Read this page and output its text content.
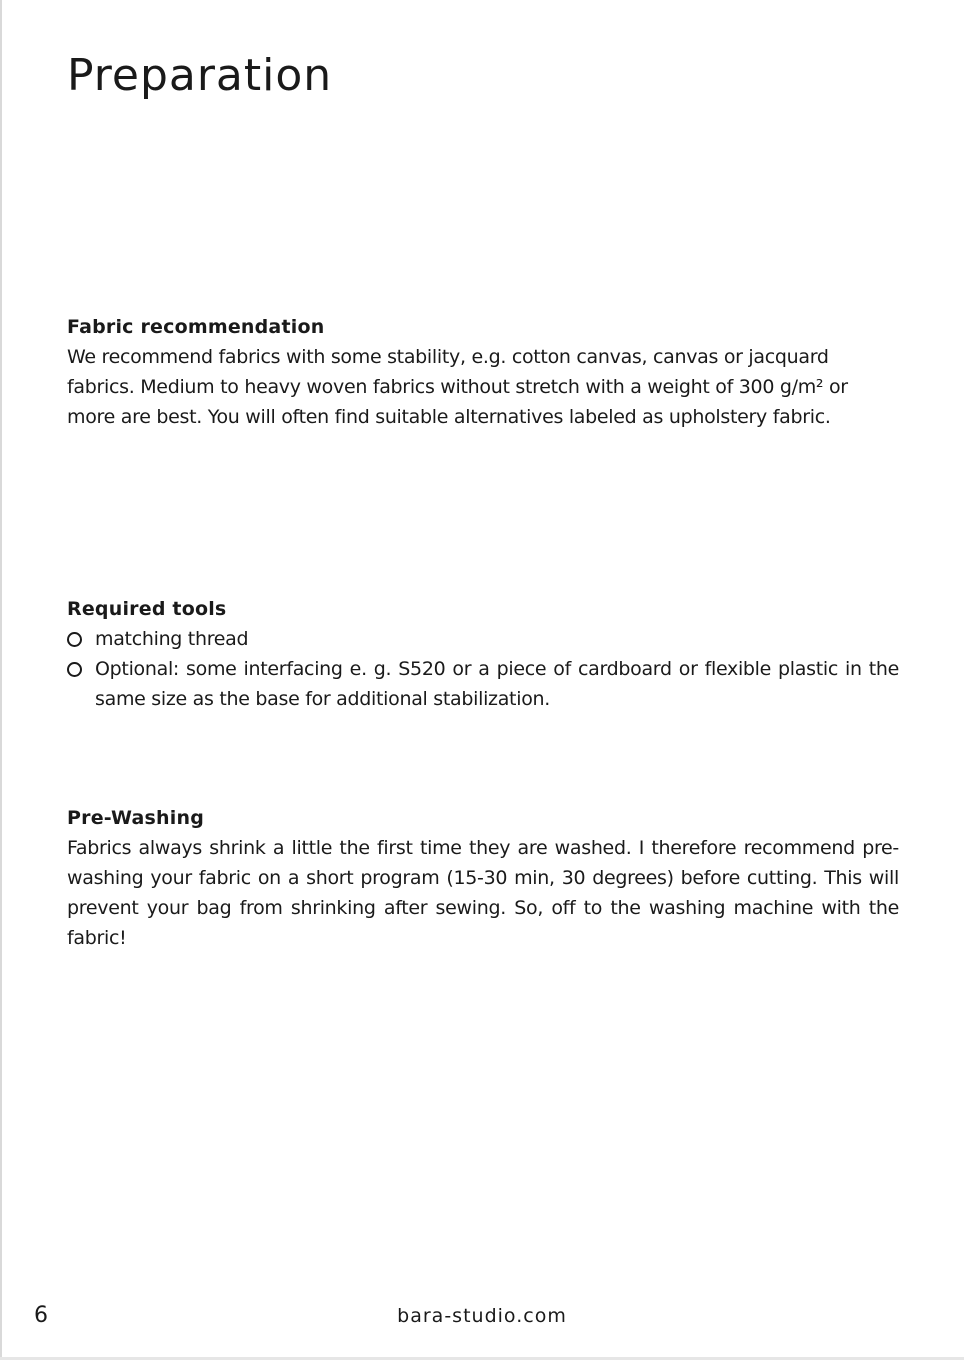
Preparation
Fabric recommendation

We recommend fabrics with some stability, e.g. cotton canvas, canvas or jacquard fabrics. Medium to heavy woven fabrics without stretch with a weight of 300 g/m² or more are best. You will often find suitable alternatives labeled as upholstery fabric.

Required tools
matching thread
Optional: some interfacing e. g. S520 or a piece of cardboard or flexible plastic in the same size as the base for additional stabilization.
Pre-Washing

Fabrics always shrink a little the first time they are washed. I therefore recommend pre-washing your fabric on a short program (15-30 min, 30 degrees) before cutting. This will prevent your bag from shrinking after sewing. So, off to the washing machine with the fabric!

6	bara-studio.com
